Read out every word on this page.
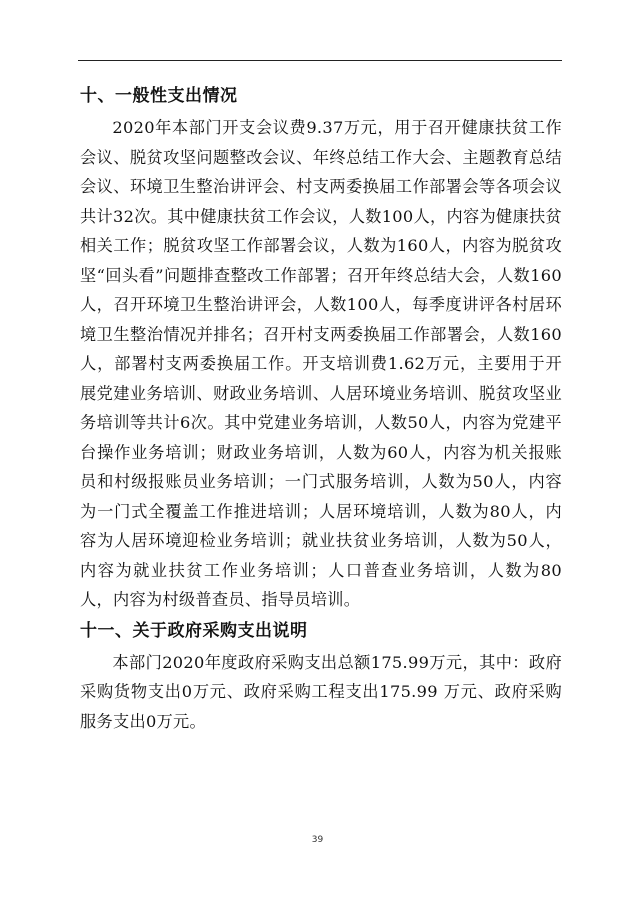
十、一般性支出情况

2020年本部门开支会议费9.37万元，用于召开健康扶贫工作会议、脱贫攻坚问题整改会议、年终总结工作大会、主题教育总结会议、环境卫生整治讲评会、村支两委换届工作部署会等各项会议共计32次。其中健康扶贫工作会议，人数100人，内容为健康扶贫相关工作；脱贫攻坚工作部署会议，人数为160人，内容为脱贫攻坚“回头看”问题排查整改工作部署；召开年终总结大会，人数160人，召开环境卫生整治讲评会，人数100人，每季度讲评各村居环境卫生整治情况并排名；召开村支两委换届工作部署会，人数160人，部署村支两委换届工作。开支培训费1.62万元，主要用于开展党建业务培训、财政业务培训、人居环境业务培训、脱贫攻坚业务培训等共计6次。其中党建业务培训，人数50人，内容为党建平台操作业务培训；财政业务培训，人数为60人，内容为机关报账员和村级报账员业务培训；一门式服务培训，人数为50人，内容为一门式全覆盖工作推进培训；人居环境培训，人数为80人，内容为人居环境迎检业务培训；就业扶贫业务培训，人数为50人，内容为就业扶贫工作业务培训；人口普查业务培训，人数为80人，内容为村级普查员、指导员培训。

十一、关于政府采购支出说明

本部门2020年度政府采购支出总额175.99万元，其中：政府采购货物支出0万元、政府采购工程支出175.99 万元、政府采购服务支出0万元。

39
